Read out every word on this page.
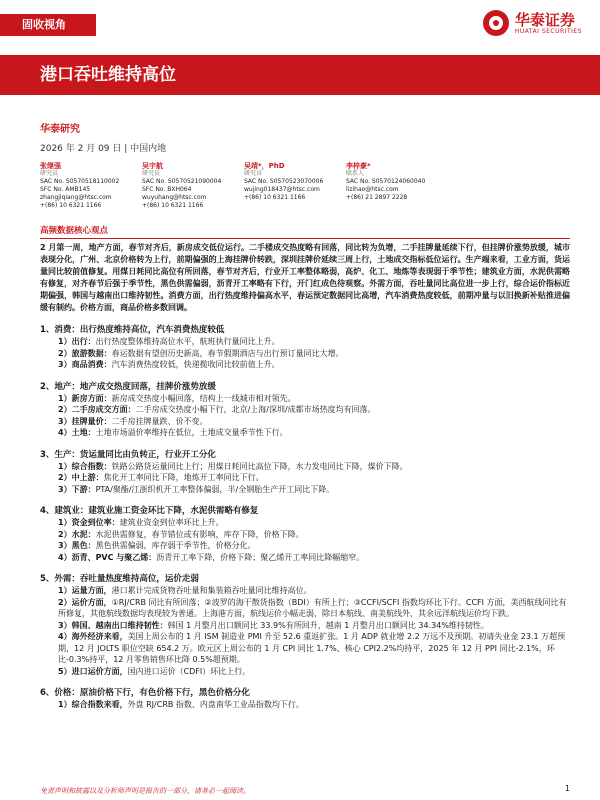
固收视角	华泰证券
HUATAI SECURITIES
港口吞吐维持高位
华泰研究
2026 年 2 月 09 日 | 中国内地
张继强
研究员
SAC No. S0570518110002
SFC No. AMB145
zhangjiqiang@htsc.com
+(86) 10 6321 1166
吴宇航
研究员
SAC No. S0570521090004
SFC No. BXH064
wuyuhang@htsc.com
+(86) 10 6321 1166
吴靖*，PhD
研究员
SAC No. S0570523070006
wujing018437@htsc.com
+(86) 10 6321 1166
李梓豪*
联系人
SAC No. S0570124060040
lizihao@htsc.com
+(86) 21 2897 2228
高频数据核心观点
2 月第一周，地产方面，春节对齐后，新房成交低位运行。二手楼成交热度略有回落，同比转为负增，二手挂牌量延续下行，但挂牌价涨势放缓，城市表现分化，广州、北京价格转为上行，前期偏强的上海挂牌价转跌，深圳挂牌价延续三周上行，土地成交指标低位运行。生产端来看，工业方面，货运量同比较前值修复。用煤日耗同比高位有所回落，春节对齐后，行业开工率整体略弱，高炉、化工、地炼等表现弱于季节性；建筑业方面，水泥供需略有修复，对齐春节后强于季节性，黑色供需偏弱，沥青开工率略有下行，开门红成色待观察。外需方面，吞吐量同比高位进一步上行，综合运价指标近期偏强，韩国与越南出口维持韧性。消费方面，出行热度维持偏高水平，春运预定数据同比高增，汽车消费热度较低，前期冲量与以旧换新补贴推进偏缓有制约。价格方面，商品价格多数回调。
1、消费：出行热度维持高位，汽车消费热度较低
1）出行：出行热度整体维持高位水平，航班执行量同比上升。
2）旅游数据：春运数据有望创历史新高，春节假期酒店与出行预订量同比大增。
3）商品消费：汽车消费热度较低，快递揽收同比较前值上升。
2、地产：地产成交热度回落，挂牌价涨势放缓
1）新房方面：新房成交热度小幅回落，结构上一线城市相对领先。
2）二手房成交方面：二手房成交热度小幅下行，北京/上海/深圳/成都市场热度均有回落。
3）挂牌量价：二手房挂牌量跌、价不变。
4）土地：土地市场溢价率维持在低位，土地成交量季节性下行。
3、生产：货运量同比由负转正，行业开工分化
1）综合指数：铁路公路货运量同比上行；用煤日耗同比高位下降，水力发电同比下降，煤价下降。
2）中上游：焦化开工率同比下降，地炼开工率同比下行。
3）下游：PTA/聚酯/江浙织机开工率整体偏弱，半/全钢胎生产开工同比下降。
4、建筑业：建筑业施工资金环比下降，水泥供需略有修复
1）资金到位率：建筑业资金到位率环比上升。
2）水泥：水泥供需修复，春节错位或有影响，库存下降，价格下降。
3）黑色：黑色供需偏弱，库存弱于季节性，价格分化。
4）沥青、PVC 与聚乙烯：沥青开工率下降，价格下降；聚乙烯开工率同比降幅缩窄。
5、外需：吞吐量热度维持高位，运价走弱
1）运量方面，港口累计完成货物吞吐量和集装箱吞吐量同比维持高位。
2）运价方面，①RJ/CRB 同比有所回落；②波罗的海干散货指数（BDI）有所上行；③CCFI/SCFI 指数均环比下行。CCFI 方面，美西航线同比有所修复，其他航线数据均表现较为普通。上海港方面，航线运价小幅走弱，除日本航线、南美航线外，其余远洋航线运价均下跌。
3）韩国、越南出口维持韧性：韩国 1 月整月出口额同比 33.9%有所回升，越南 1 月整月出口额同比 34.34%维持韧性。
4）海外经济来看，美国上周公布的 1 月 ISM 制造业 PMI 升至 52.6 重返扩张。1 月 ADP 就业增 2.2 万远不及预期。初请失业金 23.1 万超预期，12 月 JOLTS 职位空缺 654.2 万。欧元区上周公布的 1 月 CPI 同比 1.7%、核心 CPI2.2%均持平，2025 年 12 月 PPI 同比-2.1%，环比-0.3%持平，12 月零售销售环比降 0.5%超预期。
5）进口运价方面，国内进口运价（CDFI）环比上行。
6、价格：原油价格下行，有色价格下行，黑色价格分化
1）综合指数来看，外盘 RJ/CRB 指数、内盘南华工业品指数均下行。
免责声明和披露以及分析师声明是报告的一部分，请务必一起阅读。	1
